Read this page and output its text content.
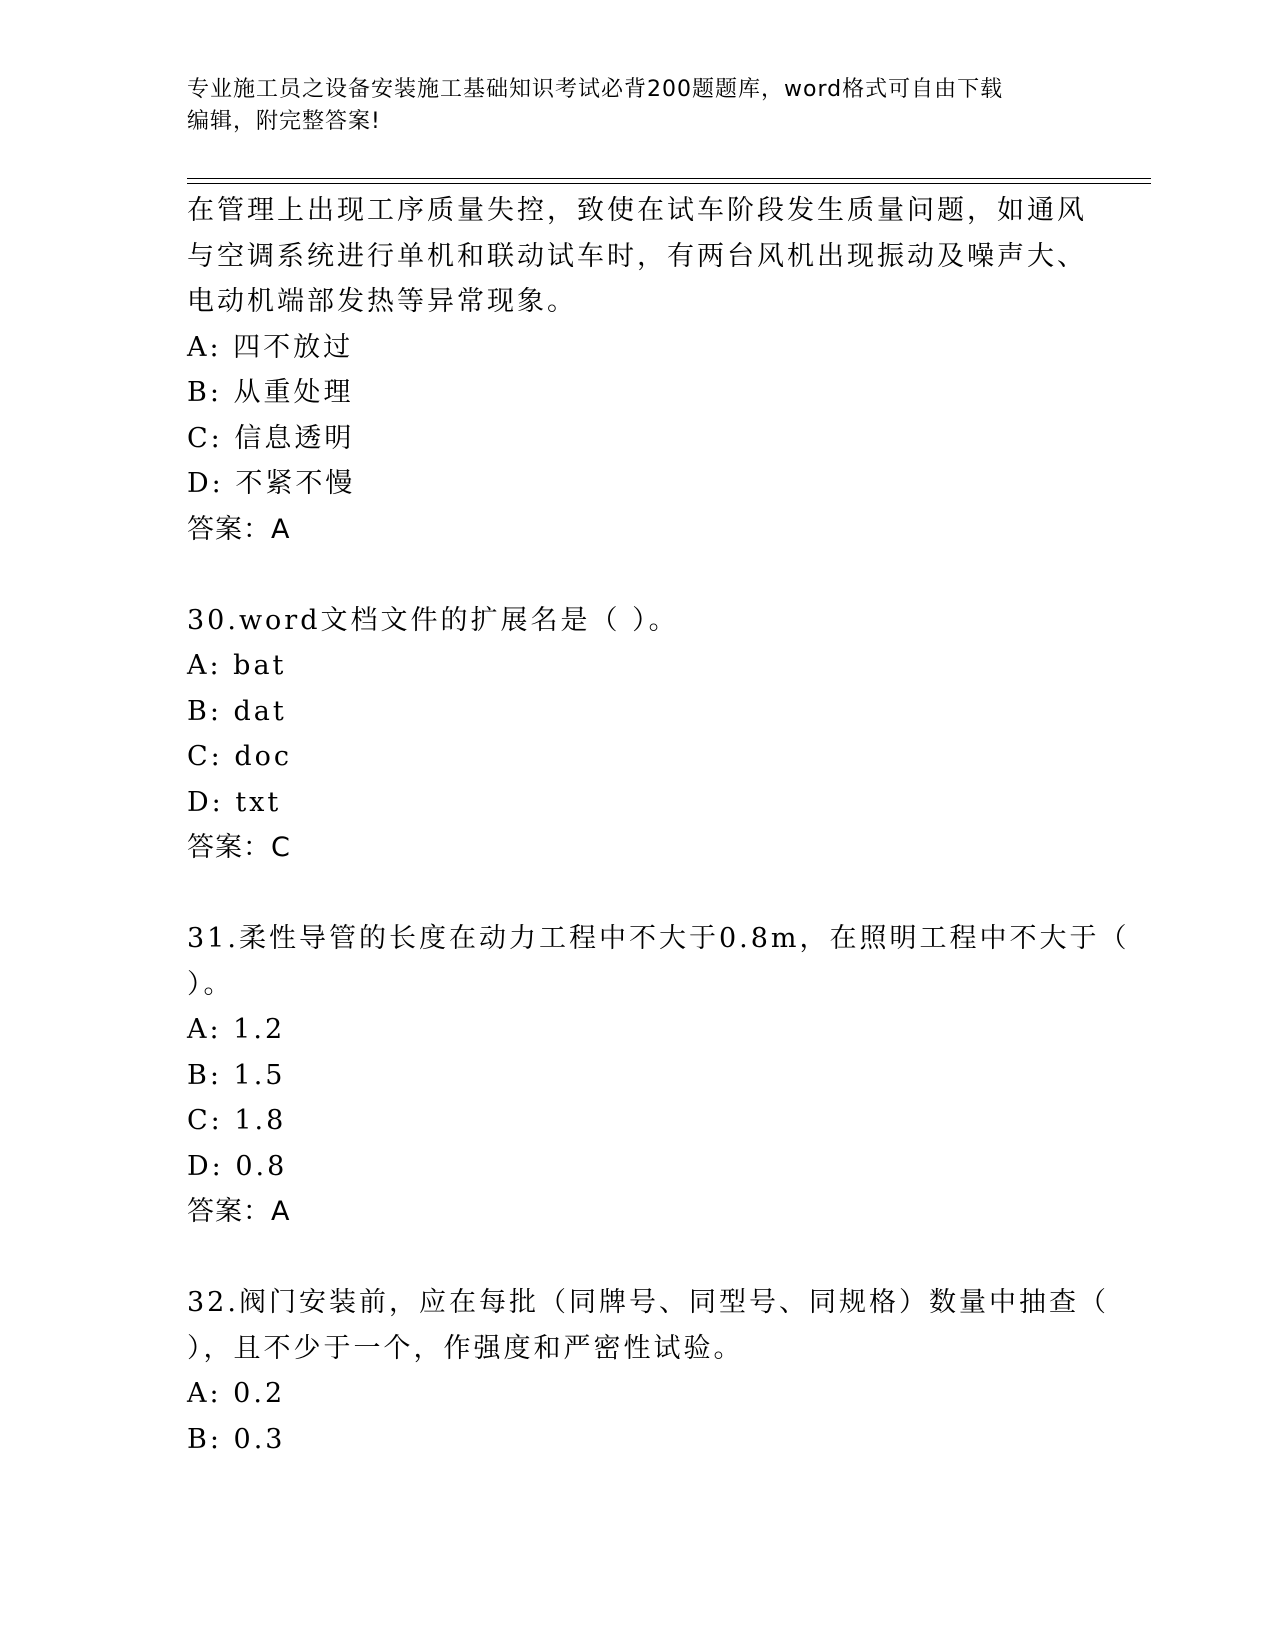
专业施工员之设备安装施工基础知识考试必背200题题库，word格式可自由下载
编辑，附完整答案!
在管理上出现工序质量失控，致使在试车阶段发生质量问题，如通风
与空调系统进行单机和联动试车时，有两台风机出现振动及噪声大、
电动机端部发热等异常现象。
A: 四不放过
B: 从重处理
C: 信息透明
D: 不紧不慢
答案：A
30.word文档文件的扩展名是（ ）。
A: bat
B: dat
C: doc
D: txt
答案：C
31.柔性导管的长度在动力工程中不大于0.8m，在照明工程中不大于（
）。
A: 1.2
B: 1.5
C: 1.8
D: 0.8
答案：A
32.阀门安装前，应在每批（同牌号、同型号、同规格）数量中抽查（
），且不少于一个，作强度和严密性试验。
A: 0.2
B: 0.3
